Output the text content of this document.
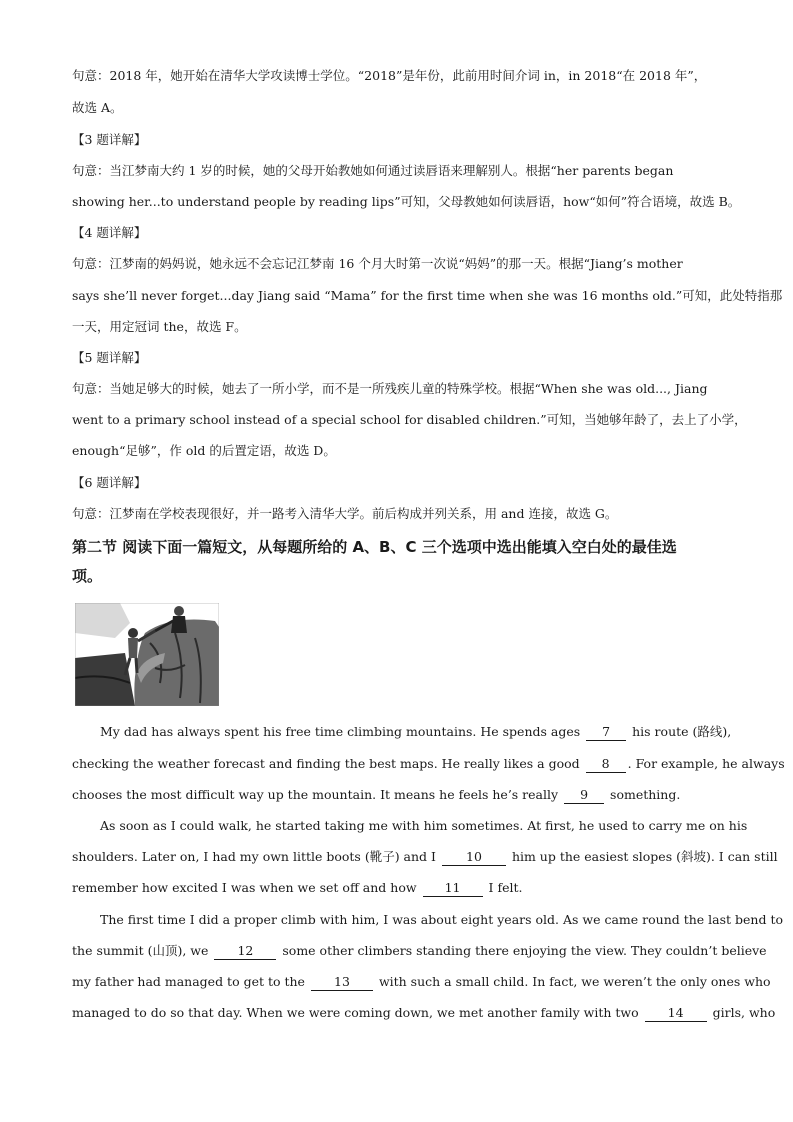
句意：2018 年，她开始在清华大学攻读博士学位。“2018”是年份，此前用时间介词 in，in 2018“在 2018 年”，
故选 A。
【3 题详解】
句意：当江梦南大约 1 岁的时候，她的父母开始教她如何通过读唇语来理解别人。根据“her parents began
showing her...to understand people by reading lips”可知，父母教她如何读唇语，how“如何”符合语境，故选 B。
【4 题详解】
句意：江梦南的妈妈说，她永远不会忘记江梦南 16 个月大时第一次说“妈妈”的那一天。根据“Jiang’s mother
says she’ll never forget...day Jiang said “Mama” for the first time when she was 16 months old.”可知，此处特指那
一天，用定冠词 the，故选 F。
【5 题详解】
句意：当她足够大的时候，她去了一所小学，而不是一所残疾儿童的特殊学校。根据“When she was old..., Jiang
went to a primary school instead of a special school for disabled children.”可知，当她够年龄了，去上了小学，
enough“足够”，作 old 的后置定语，故选 D。
【6 题详解】
句意：江梦南在学校表现很好，并一路考入清华大学。前后构成并列关系，用 and 连接，故选 G。
第二节 阅读下面一篇短文，从每题所给的 A、B、C 三个选项中选出能填入空白处的最佳选
项。
My dad has always spent his free time climbing mountains. He spends ages 7 his route (路线),
checking the weather forecast and finding the best maps. He really likes a good 8 . For example, he always
chooses the most difficult way up the mountain. It means he feels he’s really 9 something.
As soon as I could walk, he started taking me with him sometimes. At first, he used to carry me on his
shoulders. Later on, I had my own little boots (靴子) and I 10 him up the easiest slopes (斜坡). I can still
remember how excited I was when we set off and how 11 I felt.
The first time I did a proper climb with him, I was about eight years old. As we came round the last bend to
the summit (山顶), we 12 some other climbers standing there enjoying the view. They couldn’t believe
my father had managed to get to the 13 with such a small child. In fact, we weren’t the only ones who
managed to do so that day. When we were coming down, we met another family with two 14 girls, who
